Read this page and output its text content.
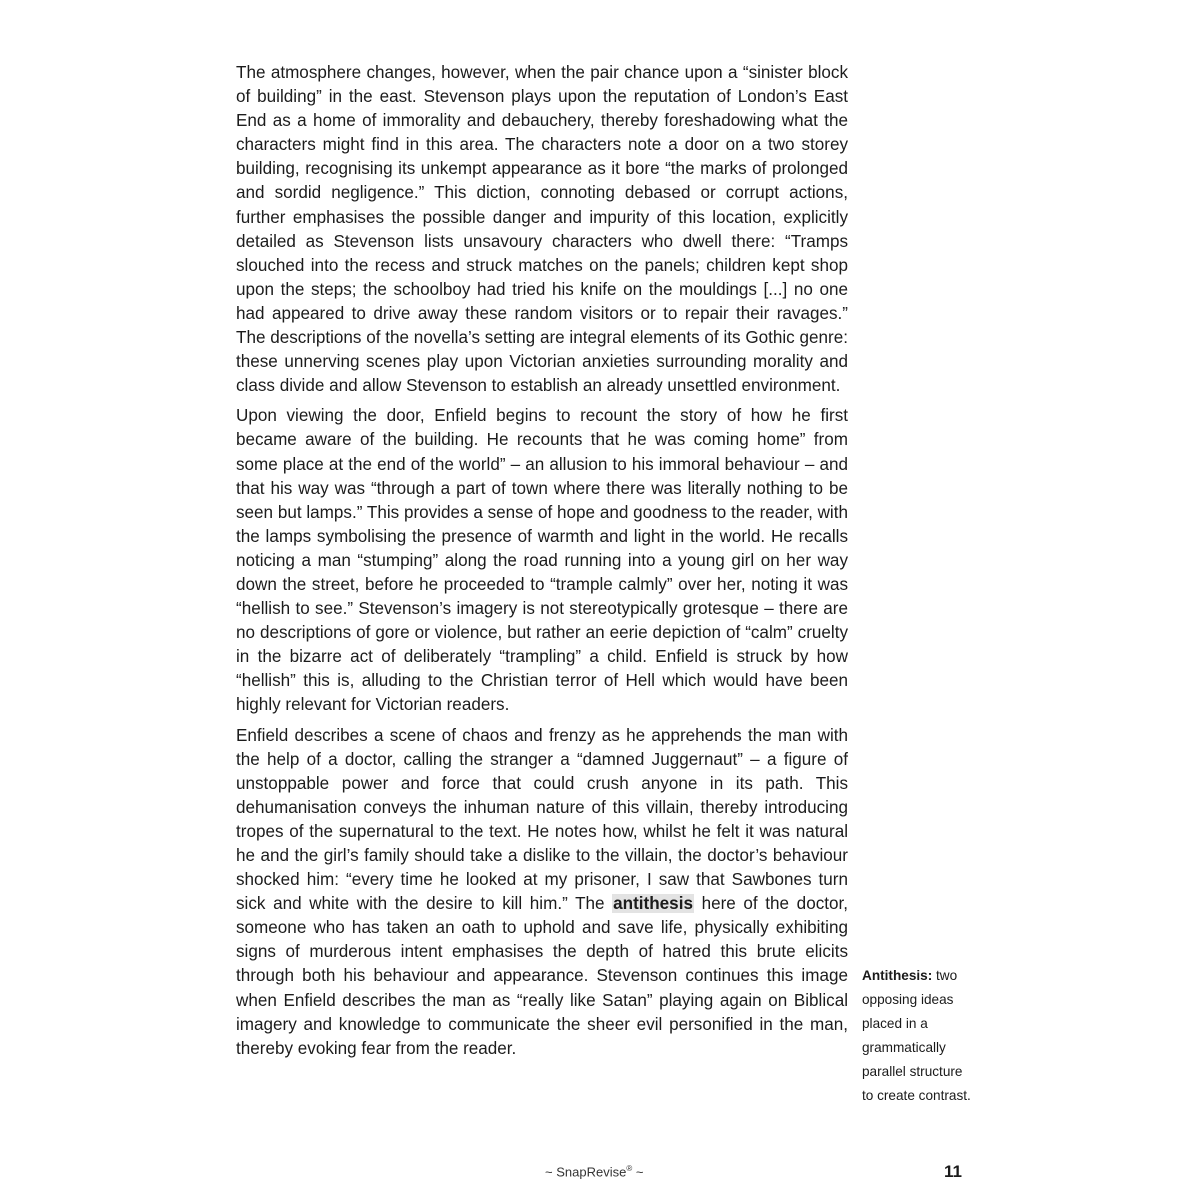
The atmosphere changes, however, when the pair chance upon a “sinister block of building” in the east. Stevenson plays upon the reputation of London’s East End as a home of immorality and debauchery, thereby foreshadowing what the characters might find in this area. The characters note a door on a two storey building, recognising its unkempt appearance as it bore “the marks of prolonged and sordid negligence.” This diction, connoting debased or corrupt actions, further emphasises the possible danger and impurity of this location, explicitly detailed as Stevenson lists unsavoury characters who dwell there: “Tramps slouched into the recess and struck matches on the panels; children kept shop upon the steps; the schoolboy had tried his knife on the mouldings [...] no one had appeared to drive away these random visitors or to repair their ravages.” The descriptions of the novella’s setting are integral elements of its Gothic genre: these unnerving scenes play upon Victorian anxieties surrounding morality and class divide and allow Stevenson to establish an already unsettled environment.

Upon viewing the door, Enfield begins to recount the story of how he first became aware of the building. He recounts that he was coming home” from some place at the end of the world” – an allusion to his immoral behaviour – and that his way was “through a part of town where there was literally nothing to be seen but lamps.” This provides a sense of hope and goodness to the reader, with the lamps symbolising the presence of warmth and light in the world. He recalls noticing a man “stumping” along the road running into a young girl on her way down the street, before he proceeded to “trample calmly” over her, noting it was “hellish to see.” Stevenson’s imagery is not stereotypically grotesque – there are no descriptions of gore or violence, but rather an eerie depiction of “calm” cruelty in the bizarre act of deliberately “trampling” a child. Enfield is struck by how “hellish” this is, alluding to the Christian terror of Hell which would have been highly relevant for Victorian readers.

Enfield describes a scene of chaos and frenzy as he apprehends the man with the help of a doctor, calling the stranger a “damned Juggernaut” – a figure of unstoppable power and force that could crush anyone in its path. This dehumanisation conveys the inhuman nature of this villain, thereby introducing tropes of the supernatural to the text. He notes how, whilst he felt it was natural he and the girl’s family should take a dislike to the villain, the doctor’s behaviour shocked him: “every time he looked at my prisoner, I saw that Sawbones turn sick and white with the desire to kill him.” The antithesis here of the doctor, someone who has taken an oath to uphold and save life, physically exhibiting signs of murderous intent emphasises the depth of hatred this brute elicits through both his behaviour and appearance. Stevenson continues this image when Enfield describes the man as “really like Satan” playing again on Biblical imagery and knowledge to communicate the sheer evil personified in the man, thereby evoking fear from the reader.

Antithesis: two opposing ideas placed in a grammatically parallel structure to create contrast.
~ SnapRevise® ~	11
